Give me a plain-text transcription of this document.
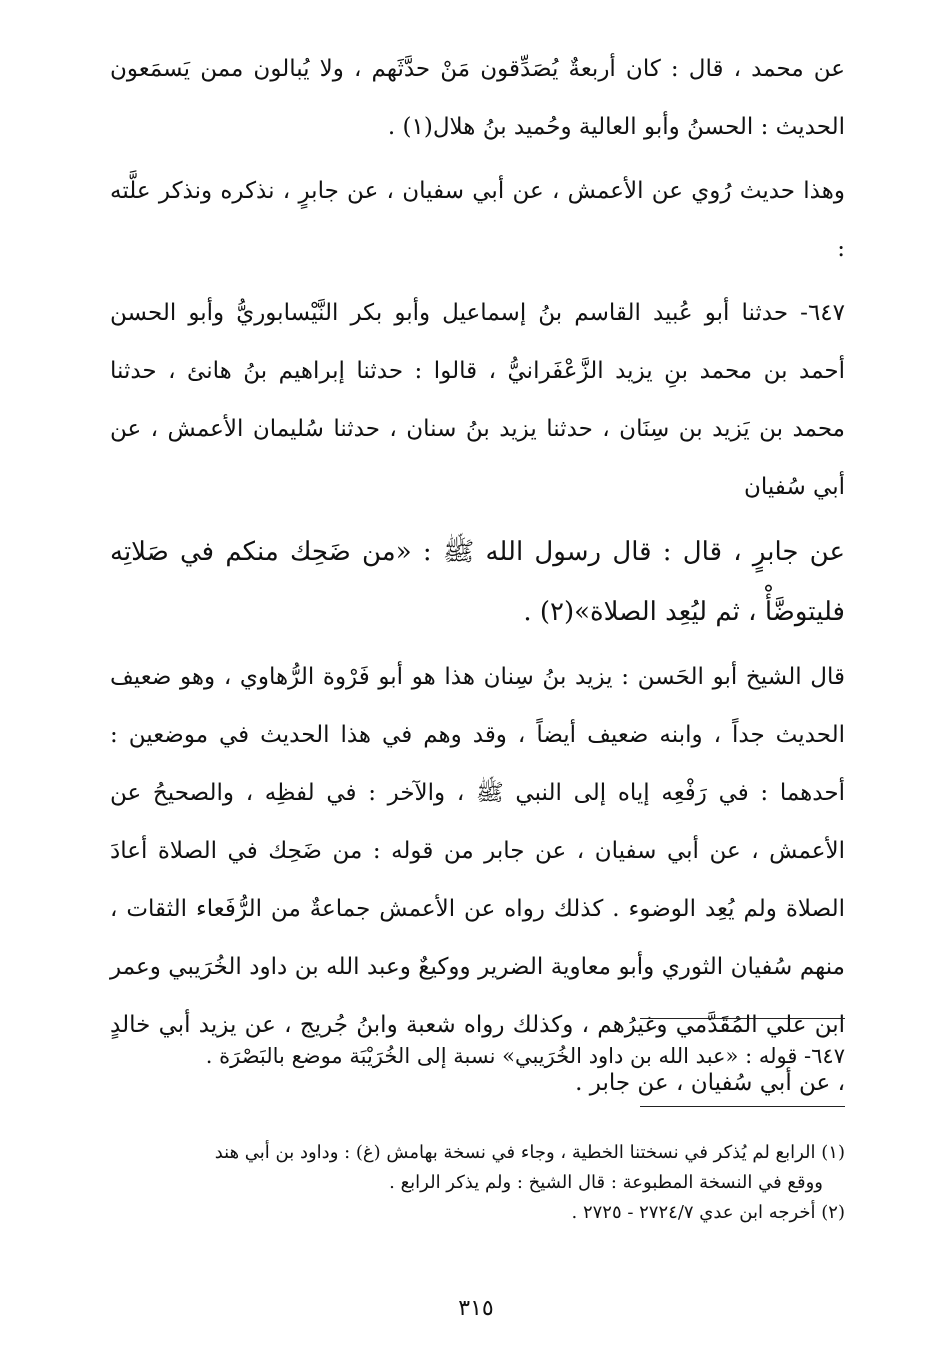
عن محمد ، قال : كان أربعةٌ يُصَدِّقون مَنْ حدَّثَهم ، ولا يُبالون ممن يَسمَعون الحديث : الحسنُ وأبو العالية وحُميد بنُ هلال(١) .

وهذا حديث رُوي عن الأعمش ، عن أبي سفيان ، عن جابرٍ ، نذكره ونذكر علَّته :

٦٤٧- حدثنا أبو عُبيد القاسم بنُ إسماعيل وأبو بكر النَّيْسابوريُّ وأبو الحسن أحمد بن محمد بنِ يزيد الزَّعْفَرانيُّ ، قالوا : حدثنا إبراهيم بنُ هانئ ، حدثنا محمد بن يَزيد بن سِنَان ، حدثنا يزيد بنُ سنان ، حدثنا سُليمان الأعمش ، عن أبي سُفيان

عن جابرٍ ، قال : قال رسول الله ﷺ : «من ضَحِك منكم في صَلاتِه فليتوضَّأْ ، ثم ليُعِد الصلاة»(٢) .

قال الشيخ أبو الحَسن : يزيد بنُ سِنان هذا هو أبو فَرْوة الرُّهاوي ، وهو ضعيف الحديث جداً ، وابنه ضعيف أيضاً ، وقد وهم في هذا الحديث في موضعين : أحدهما : في رَفْعِه إياه إلى النبي ﷺ ، والآخر : في لفظِه ، والصحيحُ عن الأعمش ، عن أبي سفيان ، عن جابر من قوله : من ضَحِك في الصلاة أعادَ الصلاة ولم يُعِد الوضوء . كذلك رواه عن الأعمش جماعةٌ من الرُّفَعاء الثقات ، منهم سُفيان الثوري وأبو معاوية الضرير ووكيعٌ وعبد الله بن داود الخُرَيبي وعمر ابن علي المُقَدَّمي وغيرُهم ، وكذلك رواه شعبة وابنُ جُريج ، عن يزيد أبي خالدٍ ، عن أبي سُفيان ، عن جابر .

٦٤٧- قوله : «عبد الله بن داود الخُرَيبي» نسبة إلى الخُرَيْبَة موضع بالبَصْرَة .

(١) الرابع لم يُذكر في نسختنا الخطية ، وجاء في نسخة بهامش (غ) : وداود بن أبي هند

ووقع في النسخة المطبوعة : قال الشيخ : ولم يذكر الرابع .

(٢) أخرجه ابن عدي ٢٧٢٤/٧ - ٢٧٢٥ .

٣١٥
